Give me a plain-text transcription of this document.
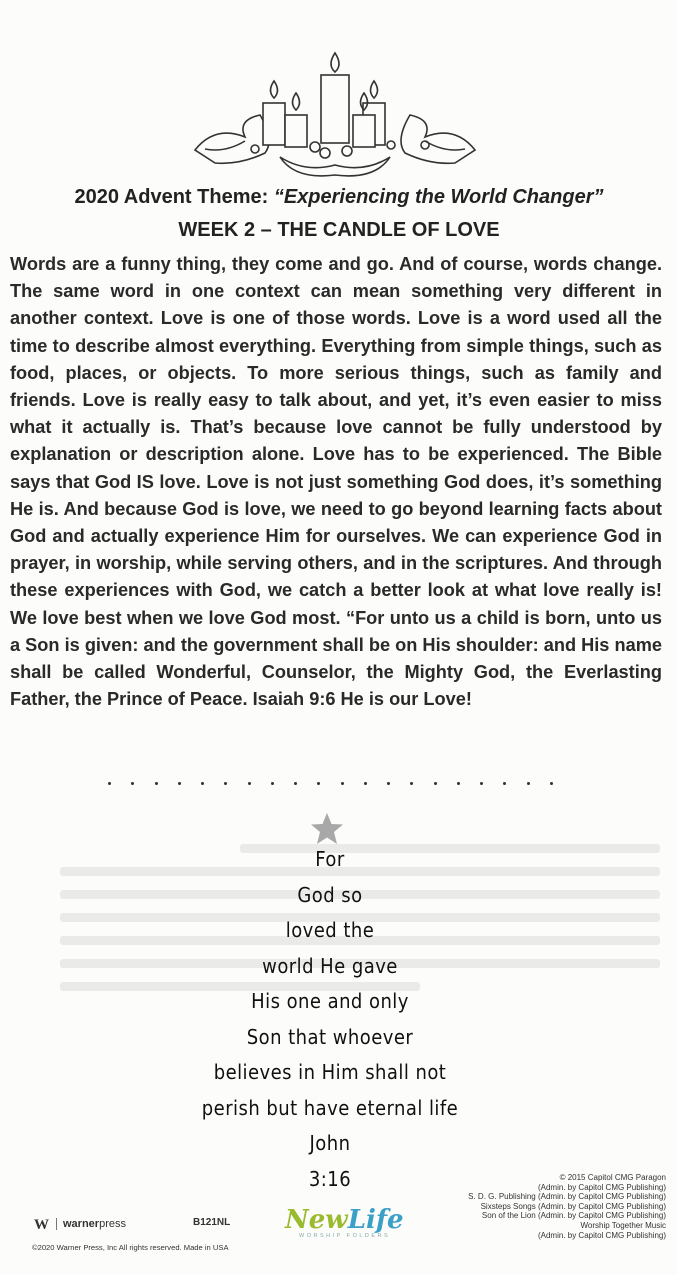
2020 Advent Theme: “Experiencing the World Changer”
WEEK 2 – THE CANDLE OF LOVE
Words are a funny thing, they come and go. And of course, words change. The same word in one context can mean something very different in another context. Love is one of those words. Love is a word used all the time to describe almost everything. Everything from simple things, such as food, places, or objects. To more serious things, such as family and friends. Love is really easy to talk about, and yet, it’s even easier to miss what it actually is. That’s because love cannot be fully understood by explanation or description alone. Love has to be experienced. The Bible says that God IS love. Love is not just something God does, it’s something He is. And because God is love, we need to go beyond learning facts about God and actually experience Him for ourselves. We can experience God in prayer, in worship, while serving others, and in the scriptures. And through these experiences with God, we catch a better look at what love really is! We love best when we love God most. “For unto us a child is born, unto us a Son is given: and the government shall be on His shoulder: and His name shall be called Wonderful, Counselor, the Mighty God, the Everlasting Father, the Prince of Peace. Isaiah 9:6 He is our Love!
For
God so
loved the
world He gave
His one and only
Son that whoever
believes in Him shall not
perish but have eternal life
John
3:16	© 2015 Capitol CMG Paragon
(Admin. by Capitol CMG Publishing)
S. D. G. Publishing (Admin. by Capitol CMG Publishing)
Sixsteps Songs (Admin. by Capitol CMG Publishing)
Son of the Lion (Admin. by Capitol CMG Publishing)
Worship Together Music
(Admin. by Capitol CMG Publishing)
W warnerpress	B121NL
©2020 Warner Press, Inc All rights reserved. Made in USA
NewLife
WORSHIP FOLDERS
